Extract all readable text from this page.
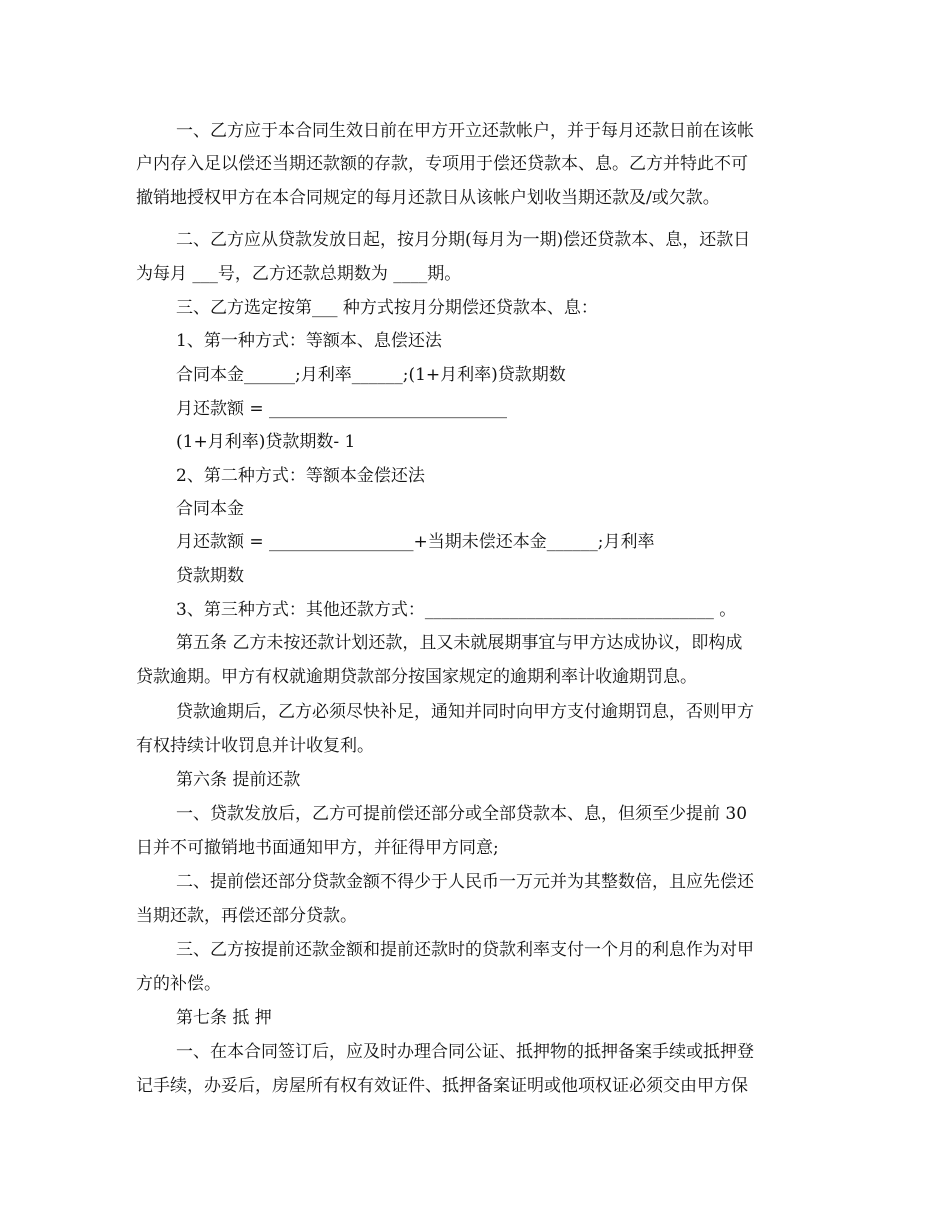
一、乙方应于本合同生效日前在甲方开立还款帐户，并于每月还款日前在该帐
户内存入足以偿还当期还款额的存款，专项用于偿还贷款本、息。乙方并特此不可
撤销地授权甲方在本合同规定的每月还款日从该帐户划收当期还款及/或欠款。
二、乙方应从贷款发放日起，按月分期(每月为一期)偿还贷款本、息，还款日
为每月 ___号，乙方还款总期数为 ____期。
三、乙方选定按第___ 种方式按月分期偿还贷款本、息：
1、第一种方式：等额本、息偿还法
合同本金______;月利率______;(1+月利率)贷款期数
月还款额 = ____________________________
(1+月利率)贷款期数- 1
2、第二种方式：等额本金偿还法
合同本金
月还款额 = _________________+当期未偿还本金______;月利率
贷款期数
3、第三种方式：其他还款方式：__________________________________ 。
第五条 乙方未按还款计划还款，且又未就展期事宜与甲方达成协议，即构成
贷款逾期。甲方有权就逾期贷款部分按国家规定的逾期利率计收逾期罚息。
贷款逾期后，乙方必须尽快补足，通知并同时向甲方支付逾期罚息，否则甲方
有权持续计收罚息并计收复利。
第六条 提前还款
一、贷款发放后，乙方可提前偿还部分或全部贷款本、息，但须至少提前 30
日并不可撤销地书面通知甲方，并征得甲方同意;
二、提前偿还部分贷款金额不得少于人民币一万元并为其整数倍，且应先偿还
当期还款，再偿还部分贷款。
三、乙方按提前还款金额和提前还款时的贷款利率支付一个月的利息作为对甲
方的补偿。
第七条 抵 押
一、在本合同签订后，应及时办理合同公证、抵押物的抵押备案手续或抵押登
记手续，办妥后，房屋所有权有效证件、抵押备案证明或他项权证必须交由甲方保
